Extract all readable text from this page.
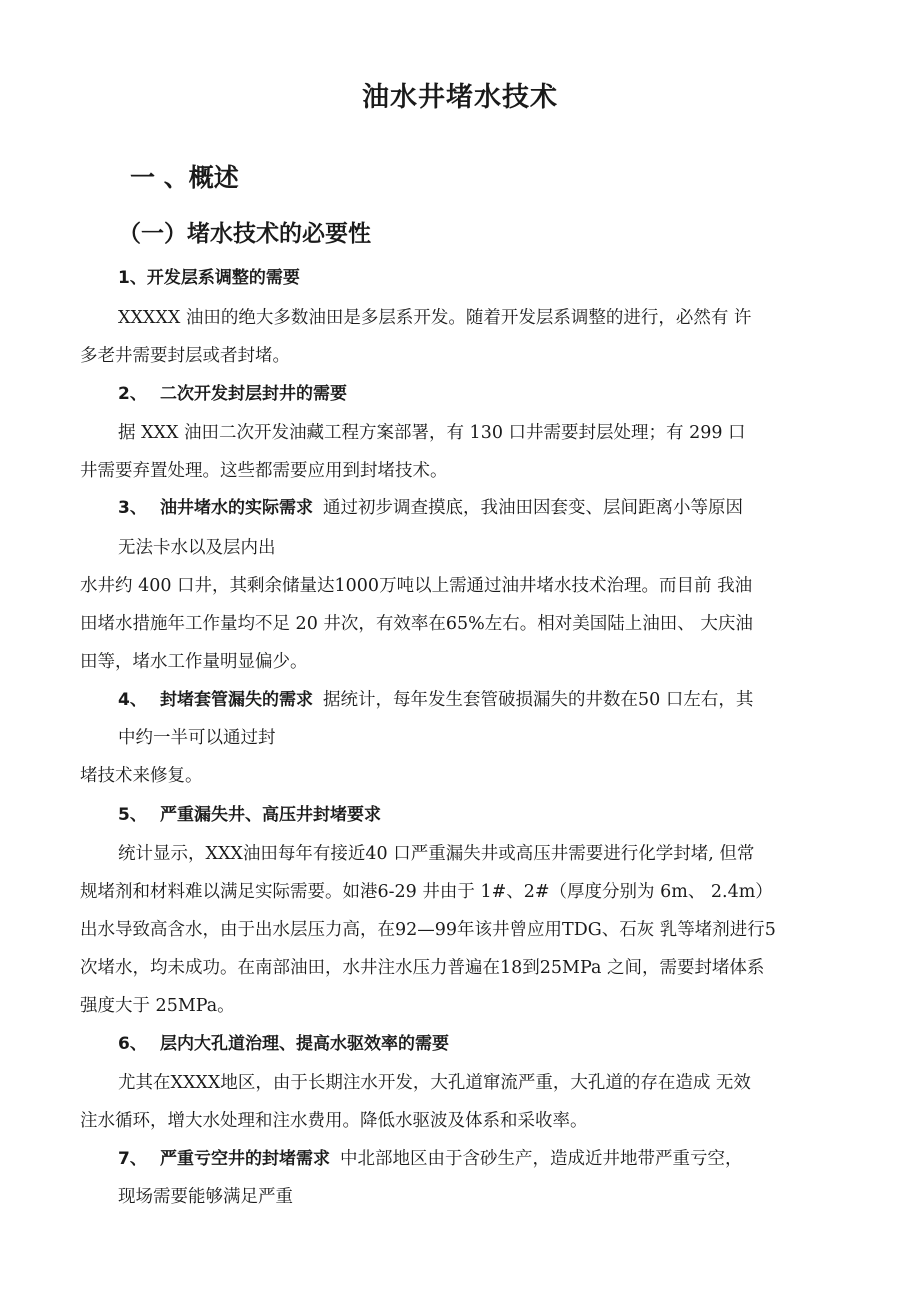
油水井堵水技术
一 、概述
（一）堵水技术的必要性
1、开发层系调整的需要
XXXXX 油田的绝大多数油田是多层系开发。随着开发层系调整的进行，必然有 许
多老井需要封层或者封堵。
2、 二次开发封层封井的需要
据 XXX 油田二次开发油藏工程方案部署，有 130 口井需要封层处理；有 299 口
井需要弃置处理。这些都需要应用到封堵技术。
3、 油井堵水的实际需求 通过初步调查摸底，我油田因套变、层间距离小等原因
无法卡水以及层内出
水井约 400 口井，其剩余储量达1000万吨以上需通过油井堵水技术治理。而目前 我油
田堵水措施年工作量均不足 20 井次，有效率在65%左右。相对美国陆上油田、 大庆油
田等，堵水工作量明显偏少。
4、 封堵套管漏失的需求 据统计，每年发生套管破损漏失的井数在50 口左右，其
中约一半可以通过封
堵技术来修复。
5、 严重漏失井、高压井封堵要求
统计显示，XXX油田每年有接近40 口严重漏失井或高压井需要进行化学封堵, 但常
规堵剂和材料难以满足实际需要。如港6-29 井由于 1#、2#（厚度分别为 6m、 2.4m）
出水导致高含水，由于出水层压力高，在92—99年该井曾应用TDG、石灰 乳等堵剂进行5
次堵水，均未成功。在南部油田，水井注水压力普遍在18到25MPa 之间，需要封堵体系
强度大于 25MPa。
6、 层内大孔道治理、提高水驱效率的需要
尤其在XXXX地区，由于长期注水开发，大孔道窜流严重，大孔道的存在造成 无效
注水循环，增大水处理和注水费用。降低水驱波及体系和采收率。
7、 严重亏空井的封堵需求 中北部地区由于含砂生产，造成近井地带严重亏空，
现场需要能够满足严重
